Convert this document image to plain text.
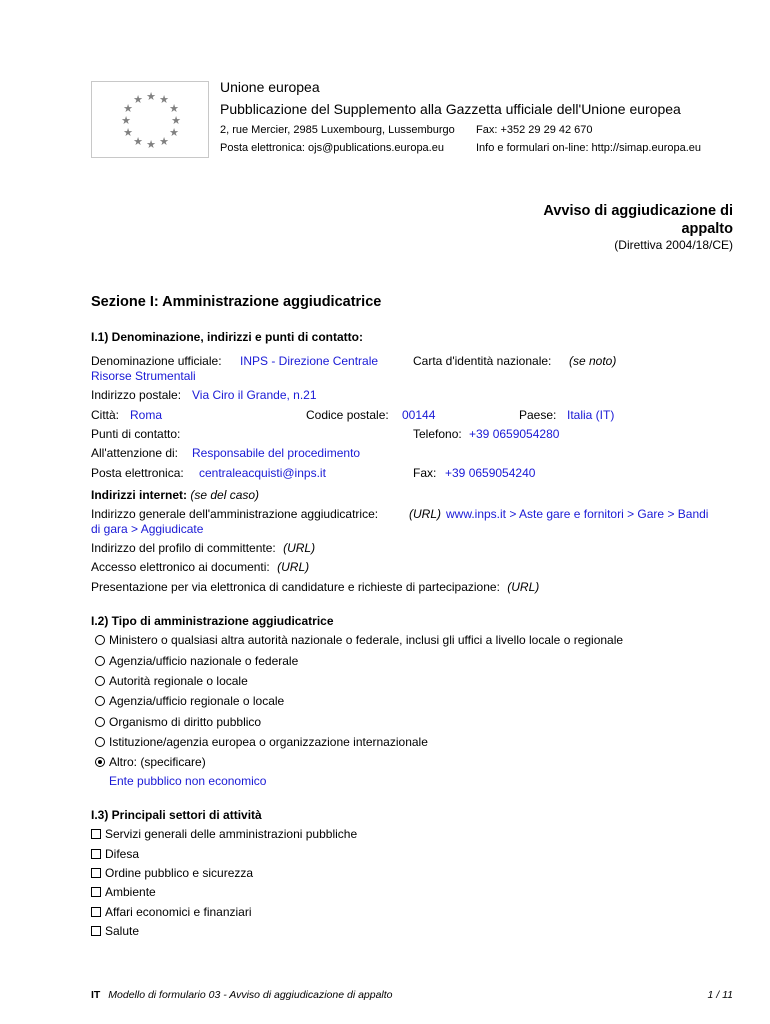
★ ★
★
★
★
★
★
★
★
★
★
★
Unione europea
Pubblicazione del Supplemento alla Gazzetta ufficiale dell'Unione europea
2, rue Mercier, 2985 Luxembourg, Lussemburgo Fax: +352 29 29 42 670
Posta elettronica: ojs@publications.europa.eu	Info e formulari on-line: http://simap.europa.eu
Avviso di aggiudicazione di appalto
(Direttiva 2004/18/CE)
Sezione I: Amministrazione aggiudicatrice
I.1) Denominazione, indirizzi e punti di contatto:
Denominazione ufficiale: INPS - Direzione Centrale
Risorse Strumentali
Carta d'identità nazionale: (se noto)
Indirizzo postale: Via Ciro il Grande, n.21
Città: Roma	Codice postale: 00144	Paese: Italia (IT)
Punti di contatto:	Telefono: +39 0659054280
All'attenzione di: Responsabile del procedimento
Posta elettronica: centraleacquisti@inps.it	Fax: +39 0659054240
Indirizzi internet: (se del caso)
Indirizzo generale dell'amministrazione aggiudicatrice:	(URL) www.inps.it > Aste gare e fornitori > Gare > Bandi
di gara > Aggiudicate
Indirizzo del profilo di committente: (URL)
Accesso elettronico ai documenti: (URL)
Presentazione per via elettronica di candidature e richieste di partecipazione: (URL)
I.2) Tipo di amministrazione aggiudicatrice
Ministero o qualsiasi altra autorità nazionale o federale, inclusi gli uffici a livello locale o regionale
Agenzia/ufficio nazionale o federale
Autorità regionale o locale
Agenzia/ufficio regionale o locale
Organismo di diritto pubblico
Istituzione/agenzia europea o organizzazione internazionale
Altro: (specificare)
Ente pubblico non economico
I.3) Principali settori di attività
Servizi generali delle amministrazioni pubbliche
Difesa
Ordine pubblico e sicurezza
Ambiente
Affari economici e finanziari
Salute
IT Modello di formulario 03 - Avviso di aggiudicazione di appalto	1 / 11
